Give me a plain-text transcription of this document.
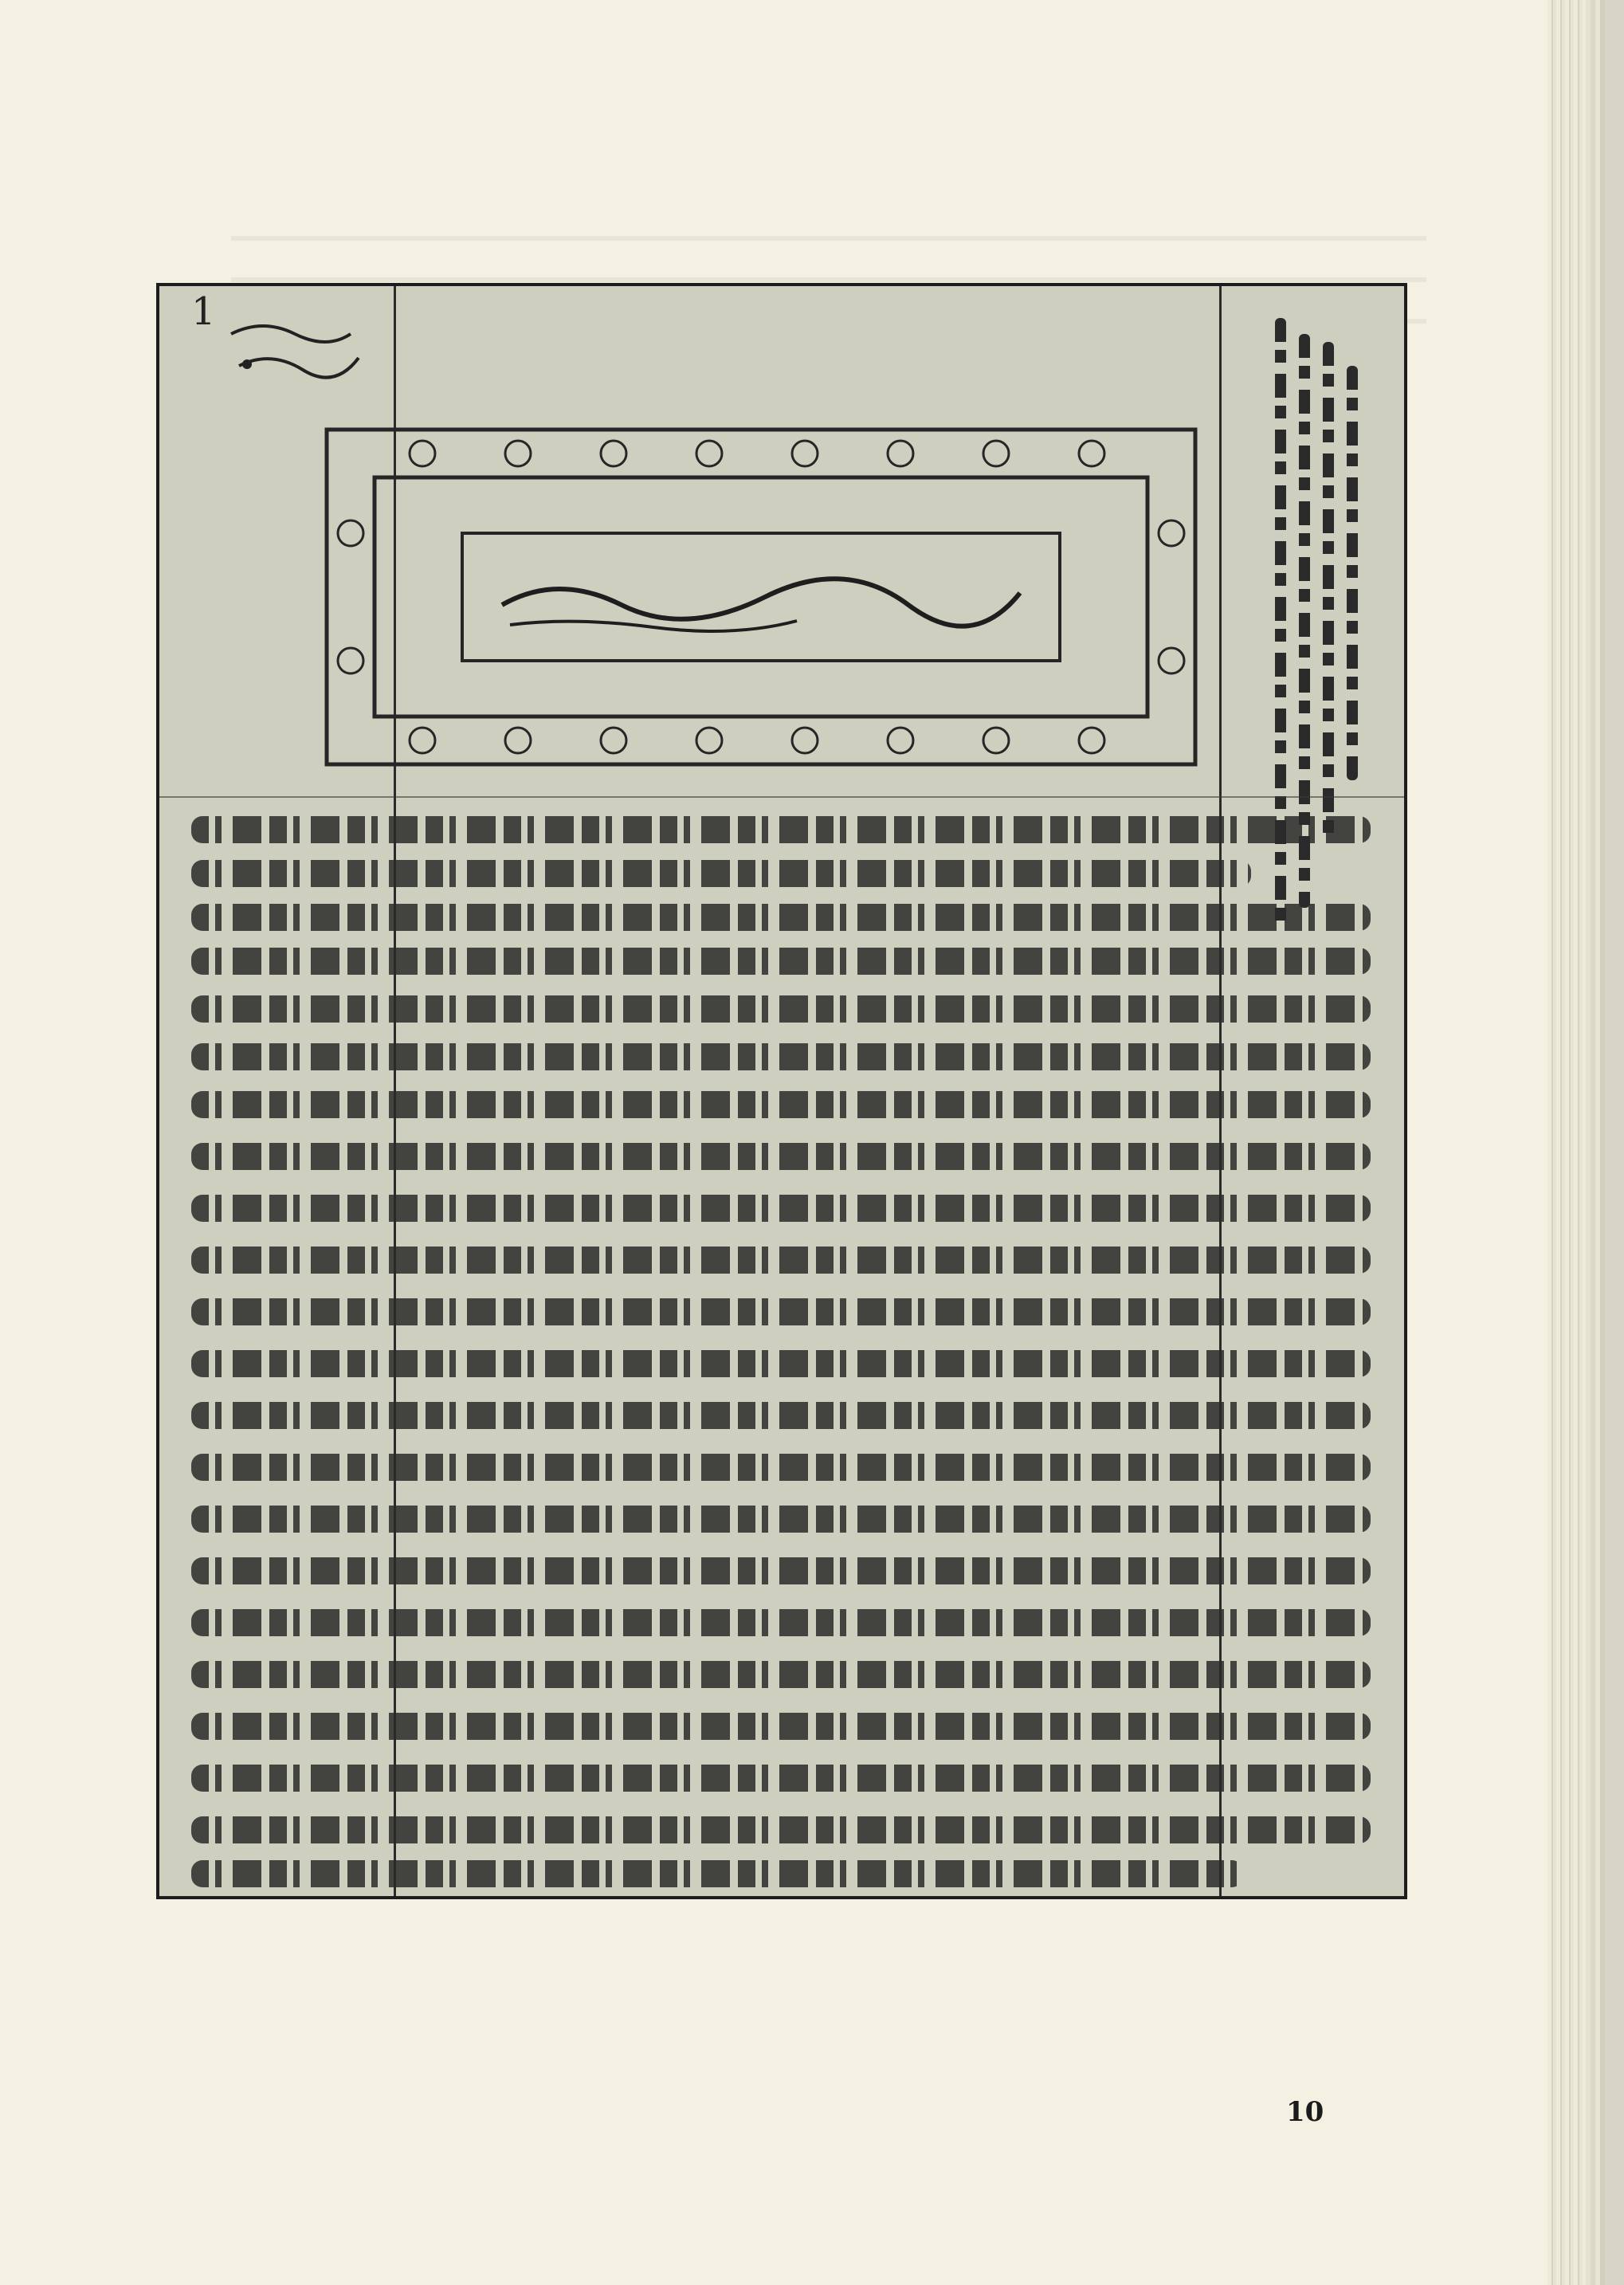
1
10
